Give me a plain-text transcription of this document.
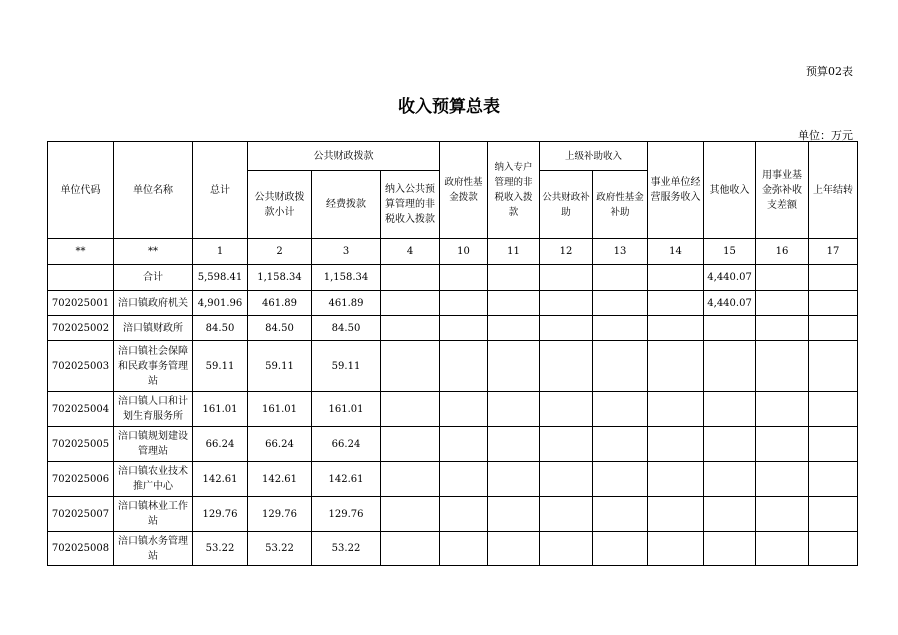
预算02表
收入预算总表
单位：万元
单位代码	单位名称	总计	公共财政拨款			政府性基金拨款	纳入专户管理的非税收入拨款	上级补助收入		事业单位经营服务收入	其他收入	用事业基金弥补收支差额	上年结转
			公共财政拨款小计	经费拨款	纳入公共预算管理的非税收入拨款			公共财政补助	政府性基金补助				
**	**	1	2	3	4	10	11	12	13	14	15	16	17
	合计	5,598.41	1,158.34	1,158.34							4,440.07		
702025001	涪口镇政府机关	4,901.96	461.89	461.89							4,440.07		
702025002	涪口镇财政所	84.50	84.50	84.50									
702025003	涪口镇社会保障和民政事务管理站	59.11	59.11	59.11									
702025004	涪口镇人口和计划生育服务所	161.01	161.01	161.01									
702025005	涪口镇规划建设管理站	66.24	66.24	66.24									
702025006	涪口镇农业技术推广中心	142.61	142.61	142.61									
702025007	涪口镇林业工作站	129.76	129.76	129.76									
702025008	涪口镇水务管理站	53.22	53.22	53.22									
